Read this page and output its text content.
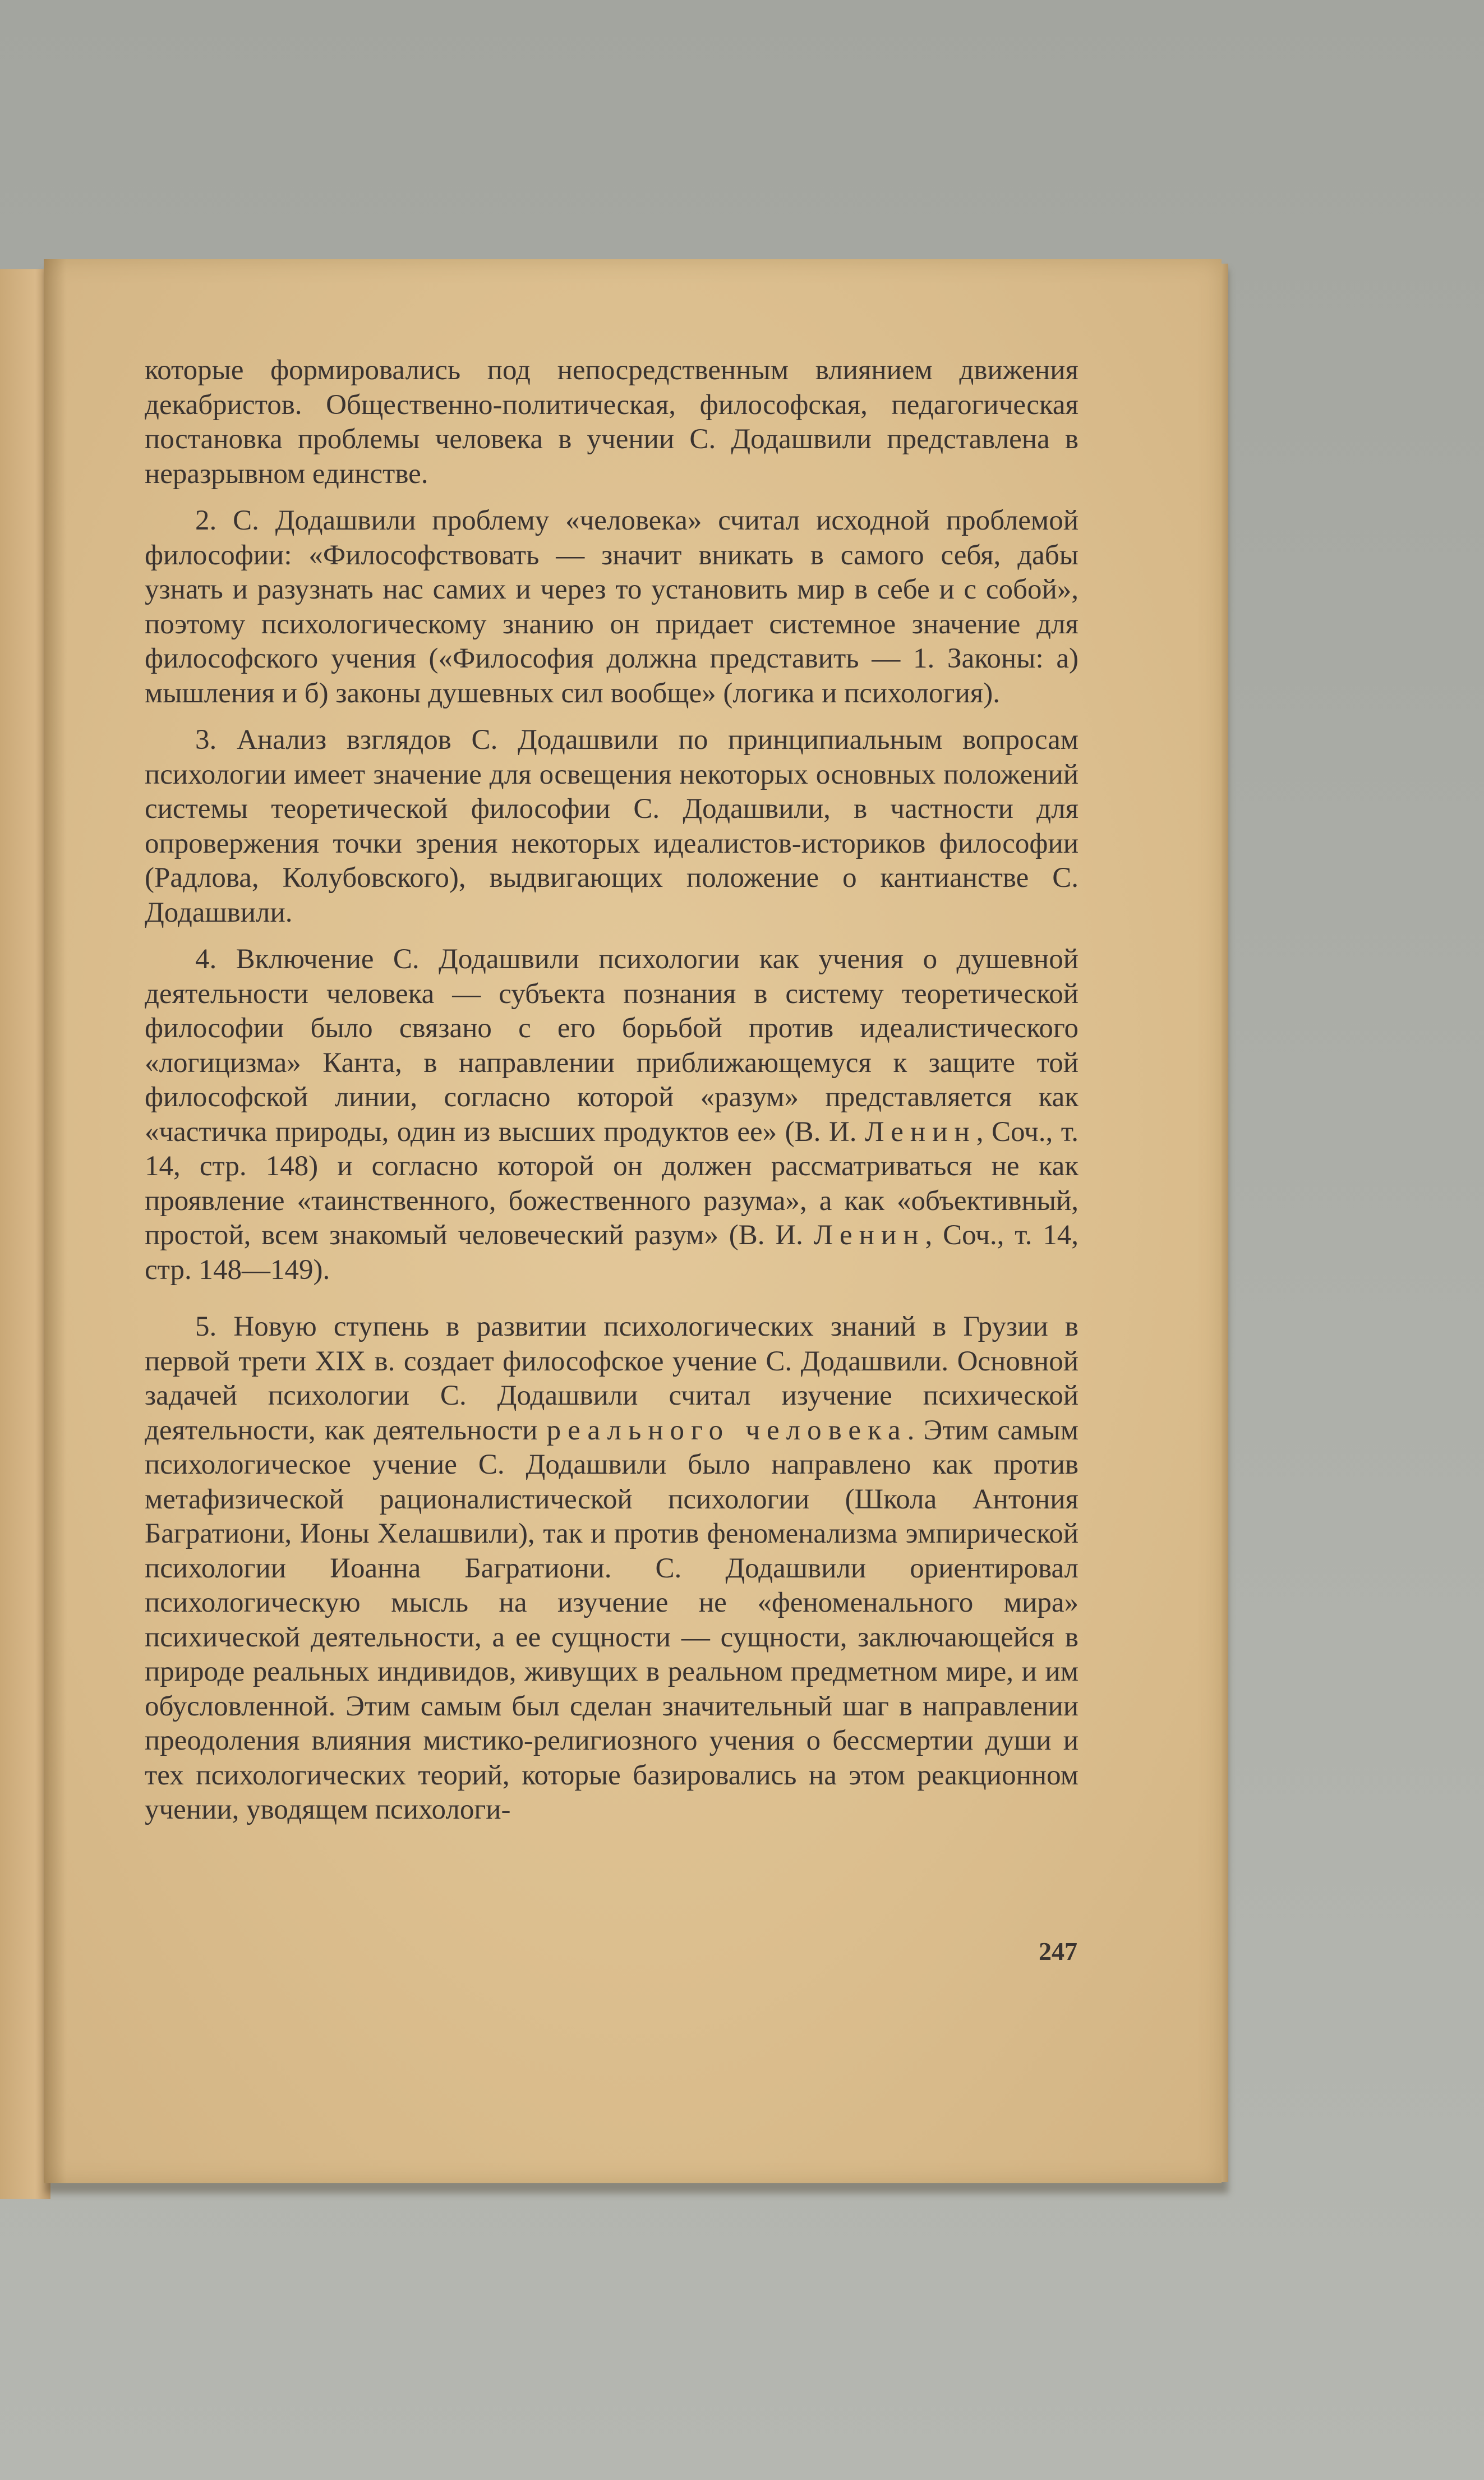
которые формировались под непосредственным влиянием движения декабристов. Общественно-политическая, философская, педагогическая постановка проблемы человека в учении С. Додашвили представлена в неразрывном единстве.

2. С. Додашвили проблему «человека» считал исходной проблемой философии: «Философствовать — значит вникать в самого себя, дабы узнать и разузнать нас самих и через то установить мир в себе и с собой», поэтому психологическому знанию он придает системное значение для философского учения («Философия должна представить — 1. Законы: а) мышления и б) законы душевных сил вообще» (логика и психология).

3. Анализ взглядов С. Додашвили по принципиальным вопросам психологии имеет значение для освещения некоторых основных положений системы теоретической философии С. Додашвили, в частности для опровержения точки зрения некоторых идеалистов-историков философии (Радлова, Колубовского), выдвигающих положение о кантианстве С. Додашвили.

4. Включение С. Додашвили психологии как учения о душевной деятельности человека — субъекта познания в систему теоретической философии было связано с его борьбой против идеалистического «логицизма» Канта, в направлении приближающемуся к защите той философской линии, согласно которой «разум» представляется как «частичка природы, один из высших продуктов ее» (В. И. Ленин, Соч., т. 14, стр. 148) и согласно которой он должен рассматриваться не как проявление «таинственного, божественного разума», а как «объективный, простой, всем знакомый человеческий разум» (В. И. Ленин, Соч., т. 14, стр. 148—149).

5. Новую ступень в развитии психологических знаний в Грузии в первой трети XIX в. создает философское учение С. Додашвили. Основной задачей психологии С. Додашвили считал изучение психической деятельности, как деятельности реального человека. Этим самым психологическое учение С. Додашвили было направлено как против метафизической рационалистической психологии (Школа Антония Багратиони, Ионы Хелашвили), так и против феноменализма эмпирической психологии Иоанна Багратиони. С. Додашвили ориентировал психологическую мысль на изучение не «феноменального мира» психической деятельности, а ее сущности — сущности, заключающейся в природе реальных индивидов, живущих в реальном предметном мире, и им обусловленной. Этим самым был сделан значительный шаг в направлении преодоления влияния мистико-религиозного учения о бессмертии души и тех психологических теорий, которые базировались на этом реакционном учении, уводящем психологи-

247
